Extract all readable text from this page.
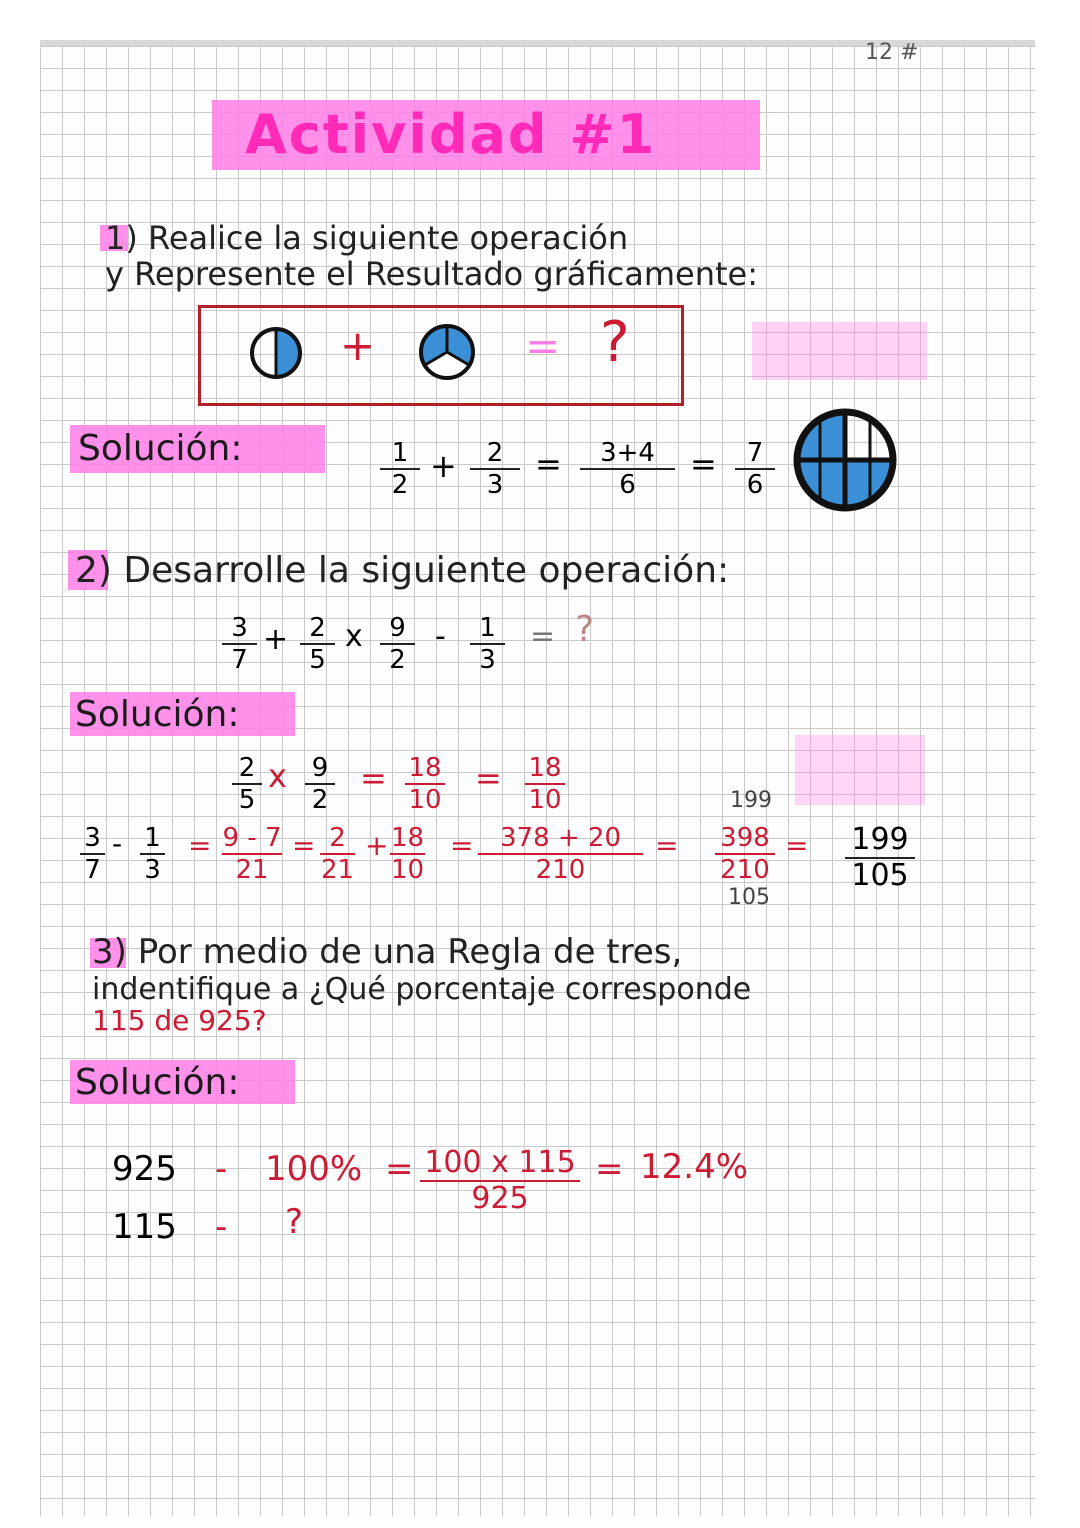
12 #
Actividad #1
1) Realice la siguiente operación
y Represente el Resultado gráficamente:
+	= ?
Solución:	1
2 +	2
3
=	3+4
6
=	7
6
2) Desarrolle la siguiente operación:
3
7
+ 2
5
x	9
2
-	1
3
= ?
Solución:
2
5
x 9
2
= 18
10
= 18
10	199
3
7
- 1
3
= 9 - 7
21
= 2
21
+ 18
10
=	378 + 20
210
= 398
210
= 199
105
105
3) Por medio de una Regla de tres,
indentifique a ¿Qué porcentaje corresponde
115 de 925?
Solución:
925 - 100% = 100 x 115
925
= 12.4%
115 - ?
